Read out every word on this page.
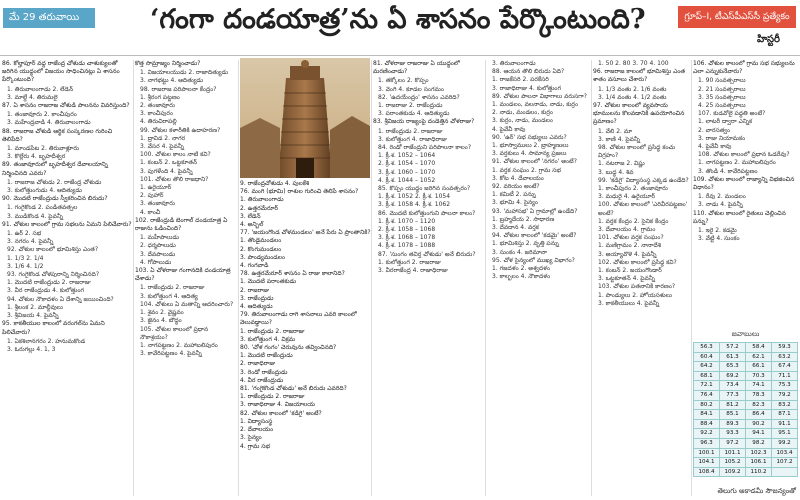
మే 29 తరువాయి	‘గంగా దండయాత్ర’ను ఏ శాసనం పేర్కొంటుంది?	గ్రూప్–I, టీఎస్‌పీఎస్‌సీ ప్రత్యేకం
హిస్టరీ
86. కోల్హాపూర్ వద్ద రాజేంద్ర చోళుడు చాళుక్యులతో జరిగిన యుద్ధంలో విజయం సాధించినట్లు ఏ శాసనం పేర్కొంటుంది?
1. తిరువాలంగాడు 2. లేడెన్
3. మాల్దే 4. తిరుమలై
87. ఏ శాసనం రాజరాజ చోళుడి పాలనను వివరిస్తుంది?
1. తంజావూరు 2. కాంచీపురం
3. మహేంద్రవాడి 4. తిరువాలంగాడు
88. రాజరాజ చోళుడి ఆర్థిక సంస్కరణల గురించి తెలిపేది?
1. మాండపేట 2. తిరువాళ్లూరు
3. కొల్లేరు 4. బృహదీశ్వర
89. తంజావూరులో బృహదీశ్వర దేవాలయాన్ని నిర్మించినది ఎవరు?
1. రాజరాజ చోళుడు 2. రాజేంద్ర చోళుడు
3. కులోత్తుంగుడు 4. ఆదిత్యుడు
90. మొదటి రాజేంద్రుడు స్వీకరించిన బిరుదు?
1. గంగైకొండ 2. పండితవత్సల
3. ముడికొండ 4. పైవన్నీ
91. చోళుల కాలంలో గ్రామ సభలను ఏమని పిలిచేవారు?
1. ఉర్ 2. సభ
3. నగరం 4. పైవన్నీ
92. చోళుల కాలంలో భూమిశిస్తు ఎంత?
1. 1/3 2. 1/4
3. 1/6 4. 1/2
93. గంగైకొండ చోళపురాన్ని నిర్మించినది?
1. మొదటి రాజేంద్రుడు 2. రాజరాజు
3. వీర రాజేంద్రుడు 4. కులోత్తుంగ
94. చోళుల నౌకాదళం ఏ దేశాన్ని జయించింది?
1. శ్రీలంక 2. మాల్దీవులు
3. శ్రీవిజయ 4. పైవన్నీ
95. కాకతీయుల కాలంలో వరంగల్‌ను ఏమని పిలిచేవారు?
1. ఏకశిలానగరం 2. హనుమకొండ
3. ఓరుగల్లు 4. 1, 3
కొత్త సామ్రాజ్యం నిర్మించాడు?
1. విజయాలయుడు 2. రాజాదిత్యుడు
3. నాగభట్టు 4. ఆదిత్యుడు
98. రాజరాజ పరిపాలనా కేంద్రం?
1. శ్రీరంగ పట్టణం
2. తంజావూరు
3. కాంచీపురం
4. తిరుచిరాపల్లి
99. చోళుల కళారీతికి ఉదాహరణ?
1. ద్రావిడ 2. నాగర
3. వేసర 4. పైవన్నీ
100. చోళుల కాలం నాటి కవి?
1. కంబన్ 2. ఒట్టకూతన్
3. పుగళేంది 4. పైవన్నీ
101. చోళుల తొలి రాజధాని?
1. ఉరైయూర్
2. పుహార్
3. తంజావూరు
4. కాంచీ
102. రాజేంద్రుడి బెంగాల్ దండయాత్ర ఏ రాజును ఓడించింది?
1. మహీపాలుడు
2. ధర్మపాలుడు
3. దేవపాలుడు
4. గోపాలుడు
103. ఏ చోళరాజు గంగానదికి దండయాత్ర చేశాడు?
1. రాజేంద్రుడు 2. రాజరాజు
3. కులోత్తుంగ 4. ఆదిత్య
104. చోళులు ఏ మతాన్ని ఆదరించారు?
1. శైవం 2. వైష్ణవం
3. జైనం 4. బౌద్ధం
105. చోళుల కాలంలో ప్రధాన నౌకాశ్రయం?
1. నాగపట్టణం 2. మహాబలిపురం
3. కావేరిపట్టణం 4. పైవన్నీ
9. రాజేంద్రచోళుడు 4. పులకేశి
76. మంగి (భూమి) రాశుల గురించి తెలిపే శాసనం?
1. తిరువాలంగాడు
2. ఉత్తరమేరూర్
3. లేడెన్
4. అన్బిల్
77. 'జయంగొండ చోళమండలం' అనే పేరు ఏ ప్రాంతానికి?
1. తొండైమండలం
2. కొంగుమండలం
3. పాండ్యమండలం
4. గంగవాడి
78. ఉత్తరమేరూర్ శాసనం ఏ రాజు కాలానిది?
1. మొదటి పరాంతకుడు
2. రాజరాజు
3. రాజేంద్రుడు
4. ఆదిత్యుడు
79. తిరువాలంగాడు రాగి శాసనాలు ఎవరి కాలంలో వెలువడ్డాయి?
1. రాజేంద్రుడు 2. రాజరాజు
3. కులోత్తుంగ 4. విక్రమ
80. 'చోళ గంగం' చెరువును తవ్వించినది?
1. మొదటి రాజేంద్రుడు
2. రాజాధిరాజు
3. రెండో రాజేంద్రుడు
4. వీర రాజేంద్రుడు
81. 'గంగైకొండ చోళుడు' అనే బిరుదు ఎవరిది?
1. రాజేంద్రుడు 2. రాజరాజు
3. రాజాధిరాజు 4. విజయాలయ
82. చోళుల కాలంలో 'కడిగై' అంటే?
1. విద్యాసంస్థ
2. దేవాలయం
3. సైన్యం
4. గ్రామ సభ
81. చోళరాజు రాజరాజు ఏ యుద్ధంలో మరణించాడు?
1. తక్కోలం 2. కొప్పం
3. వెంగి 4. కూడల సంగమం
82. 'ఉదయేంద్రం' శాసనం ఎవరిది?
1. రాజరాజు 2. రాజేంద్రుడు
3. పరాంతకుడు 4. ఆదిత్యుడు
83. శ్రీవిజయ రాజ్యంపై దండెత్తిన చోళరాజు?
1. రాజేంద్రుడు 2. రాజరాజు
3. కులోత్తుంగ 4. రాజాధిరాజు
84. రెండో రాజేంద్రుని పరిపాలనా కాలం?
1. క్రీ.శ. 1052 – 1064
2. క్రీ.శ. 1054 – 1070
3. క్రీ.శ. 1060 – 1070
4. క్రీ.శ. 1044 – 1052
85. కొప్పం యుద్ధం జరిగిన సంవత్సరం?
1. క్రీ.శ. 1052 2. క్రీ.శ. 1054
3. క్రీ.శ. 1058 4. క్రీ.శ. 1062
86. మొదటి కులోత్తుంగుని పాలనా కాలం?
1. క్రీ.శ. 1070 – 1120
2. క్రీ.శ. 1058 – 1068
3. క్రీ.శ. 1068 – 1078
4. క్రీ.శ. 1078 – 1088
87. 'సుంగం తవిర్త చోళుడు' అనే బిరుదు?
1. కులోత్తుంగ 2. రాజరాజు
3. వీరరాజేంద్ర 4. రాజాధిరాజు
3. తిరువాలంగాడు
88. ఆయన తొలి బిరుదు ఏది?
1. రాజకేసరి 2. పరకేసరి
3. రాజాధిరాజు 4. కులోత్తుంగ
89. చోళుల పాలనా విభాగాలు వరుసగా?
1. మండలం, వలనాడు, నాడు, కుర్రం
2. నాడు, మండలం, కుర్రం
3. కుర్రం, నాడు, మండలం
4. పైవేవీ కావు
90. 'ఉర్' సభ సభ్యులు ఎవరు?
1. భూస్వాములు 2. బ్రాహ్మణులు
3. వర్తకులు 4. సామాన్య ప్రజలు
91. చోళుల కాలంలో 'నగరం' అంటే?
1. వర్తక సంఘం 2. గ్రామ సభ
3. కోట 4. దేవాలయం
92. వరియం అంటే?
1. కమిటీ 2. పన్ను
3. భూమి 4. సైన్యం
93. 'మహాసభ' ఏ గ్రామాల్లో ఉండేది?
1. బ్రహ్మదేయ 2. సాధారణ
3. దేవదాన 4. వర్తక
94. చోళుల కాలంలో 'కడమై' అంటే?
1. భూమిశిస్తు 2. వృత్తి పన్ను
3. సుంకం 4. జరిమానా
95. చోళ సైన్యంలో ముఖ్య విభాగం?
1. గజదళం 2. అశ్వదళం
3. కాల్బలం 4. నౌకాదళం
1. 50 2. 80 3. 70 4. 100
96. రాజరాజ కాలంలో భూమిశిస్తు ఎంత శాతం వసూలు చేశారు?
1. 1/3 వంతు 2. 1/6 వంతు
3. 1/4 వంతు 4. 1/2 వంతు
97. చోళుల కాలంలో వ్యవసాయ భూములను కొలవడానికి ఉపయోగించిన ప్రమాణం?
1. వేలి 2. మా
3. కాణి 4. పైవన్నీ
98. చోళుల కాలంలో ప్రసిద్ధ కంచు విగ్రహం?
1. నటరాజ 2. విష్ణు
3. బుద్ధ 4. శివ
99. 'కడిగై' విద్యాసంస్థ ఎక్కడ ఉండేది?
1. కాంచీపురం 2. తంజావూరు
3. మధురై 4. ఉరైయూర్
100. చోళుల కాలంలో 'ఎరివీరపట్టణం' అంటే?
1. వర్తక కేంద్రం 2. సైనిక కేంద్రం
3. దేవాలయం 4. గ్రామం
101. చోళుల వర్తక సంఘం?
1. మణిగ్రామం 2. నానాదేశి
3. అయ్యావొళె 4. పైవన్నీ
102. చోళుల కాలంలో ప్రసిద్ధ కవి?
1. కంబన్ 2. జయంగొండార్
3. ఒట్టకూతన్ 4. పైవన్నీ
103. చోళుల పతనానికి కారణం?
1. పాండ్యులు 2. హోయసళులు
3. కాకతీయులు 4. పైవన్నీ
106. చోళుల కాలంలో గ్రామ సభ సభ్యులను ఎలా ఎన్నుకునేవారు?
1. 90 సంవత్సరాలు
2. 21 సంవత్సరాలు
3. 35 సంవత్సరాలు
4. 25 సంవత్సరాలు
107. కుడవోలై పద్ధతి అంటే?
1. లాటరీ ద్వారా ఎన్నిక
2. వారసత్వం
3. రాజు నియామకం
4. పైవేవీ కావు
108. చోళుల కాలంలో ప్రధాన ఓడరేవు?
1. నాగపట్టణం 2. మహాబలిపురం
3. తొండి 4. కావేరిపట్టణం
109. చోళుల కాలంలో రాజ్యాన్ని విభజించిన విధానం?
1. రేవు 2. మండలం
3. నాడు 4. పైవన్నీ
110. చోళుల కాలంలో రైతులు చెల్లించిన పన్ను?
1. ఇరై 2. కడమై
3. వేట్టి 4. సుంకం
జవాబులు
56.3	57.2	58.4	59.3
60.4	61.3	62.1	63.2
64.2	65.3	66.1	67.4
68.1	69.2	70.3	71.1
72.1	73.4	74.1	75.3
76.4	77.3	78.3	79.2
80.2	81.2	82.3	83.2
84.1	85.1	86.4	87.1
88.4	89.3	90.2	91.1
92.2	93.3	94.1	95.1
96.3	97.2	98.2	99.2
100.1	101.1	102.3	103.4
104.1	105.2	106.1	107.2
108.4	109.2	110.2	
తెలుగు అకాడమీ సౌజన్యంతో
